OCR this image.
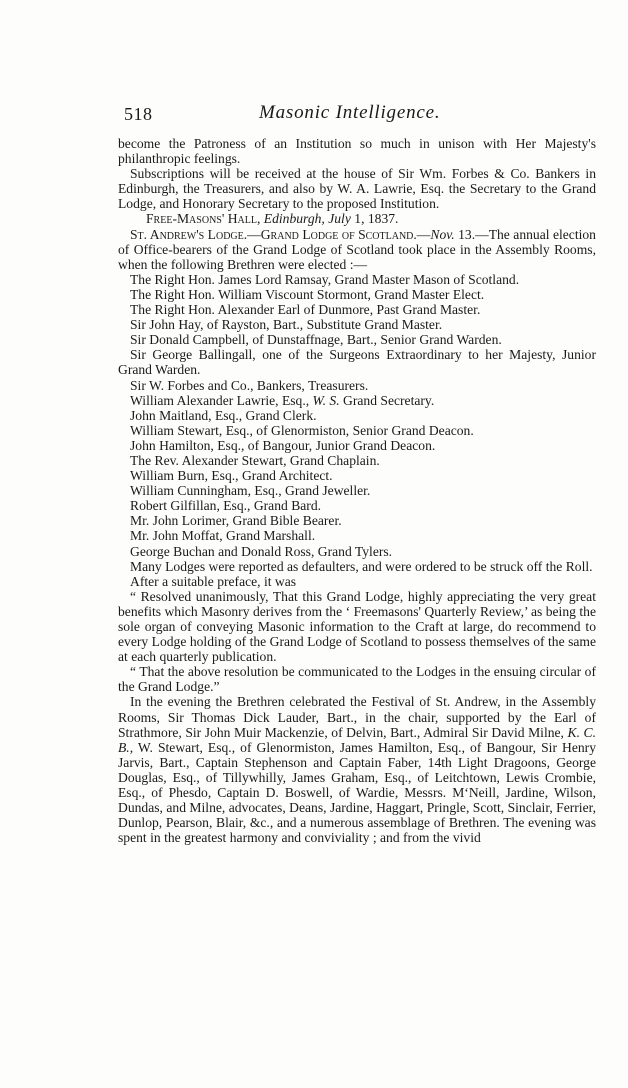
518	Masonic Intelligence.

become the Patroness of an Institution so much in unison with Her Majesty's philanthropic feelings.

Subscriptions will be received at the house of Sir Wm. Forbes & Co. Bankers in Edinburgh, the Treasurers, and also by W. A. Lawrie, Esq. the Secretary to the Grand Lodge, and Honorary Secretary to the proposed Institution.

Free-Masons' Hall, Edinburgh, July 1, 1837.

St. Andrew's Lodge.—Grand Lodge of Scotland.—Nov. 13.—The annual election of Office-bearers of the Grand Lodge of Scotland took place in the Assembly Rooms, when the following Brethren were elected :—

The Right Hon. James Lord Ramsay, Grand Master Mason of Scotland.

The Right Hon. William Viscount Stormont, Grand Master Elect.

The Right Hon. Alexander Earl of Dunmore, Past Grand Master.

Sir John Hay, of Rayston, Bart., Substitute Grand Master.

Sir Donald Campbell, of Dunstaffnage, Bart., Senior Grand Warden.

Sir George Ballingall, one of the Surgeons Extraordinary to her Majesty, Junior Grand Warden.

Sir W. Forbes and Co., Bankers, Treasurers.

William Alexander Lawrie, Esq., W. S. Grand Secretary.

John Maitland, Esq., Grand Clerk.

William Stewart, Esq., of Glenormiston, Senior Grand Deacon.

John Hamilton, Esq., of Bangour, Junior Grand Deacon.

The Rev. Alexander Stewart, Grand Chaplain.

William Burn, Esq., Grand Architect.

William Cunningham, Esq., Grand Jeweller.

Robert Gilfillan, Esq., Grand Bard.

Mr. John Lorimer, Grand Bible Bearer.

Mr. John Moffat, Grand Marshall.

George Buchan and Donald Ross, Grand Tylers.

Many Lodges were reported as defaulters, and were ordered to be struck off the Roll.

After a suitable preface, it was

“ Resolved unanimously, That this Grand Lodge, highly appreciating the very great benefits which Masonry derives from the ‘ Freemasons' Quarterly Review,’ as being the sole organ of conveying Masonic information to the Craft at large, do recommend to every Lodge holding of the Grand Lodge of Scotland to possess themselves of the same at each quarterly publication.

“ That the above resolution be communicated to the Lodges in the ensuing circular of the Grand Lodge.”

In the evening the Brethren celebrated the Festival of St. Andrew, in the Assembly Rooms, Sir Thomas Dick Lauder, Bart., in the chair, supported by the Earl of Strathmore, Sir John Muir Mackenzie, of Delvin, Bart., Admiral Sir David Milne, K. C. B., W. Stewart, Esq., of Glenormiston, James Hamilton, Esq., of Bangour, Sir Henry Jarvis, Bart., Captain Stephenson and Captain Faber, 14th Light Dragoons, George Douglas, Esq., of Tillywhilly, James Graham, Esq., of Leitchtown, Lewis Crombie, Esq., of Phesdo, Captain D. Boswell, of Wardie, Messrs. M‘Neill, Jardine, Wilson, Dundas, and Milne, advocates, Deans, Jardine, Haggart, Pringle, Scott, Sinclair, Ferrier, Dunlop, Pearson, Blair, &c., and a numerous assemblage of Brethren. The evening was spent in the greatest harmony and conviviality ; and from the vivid
